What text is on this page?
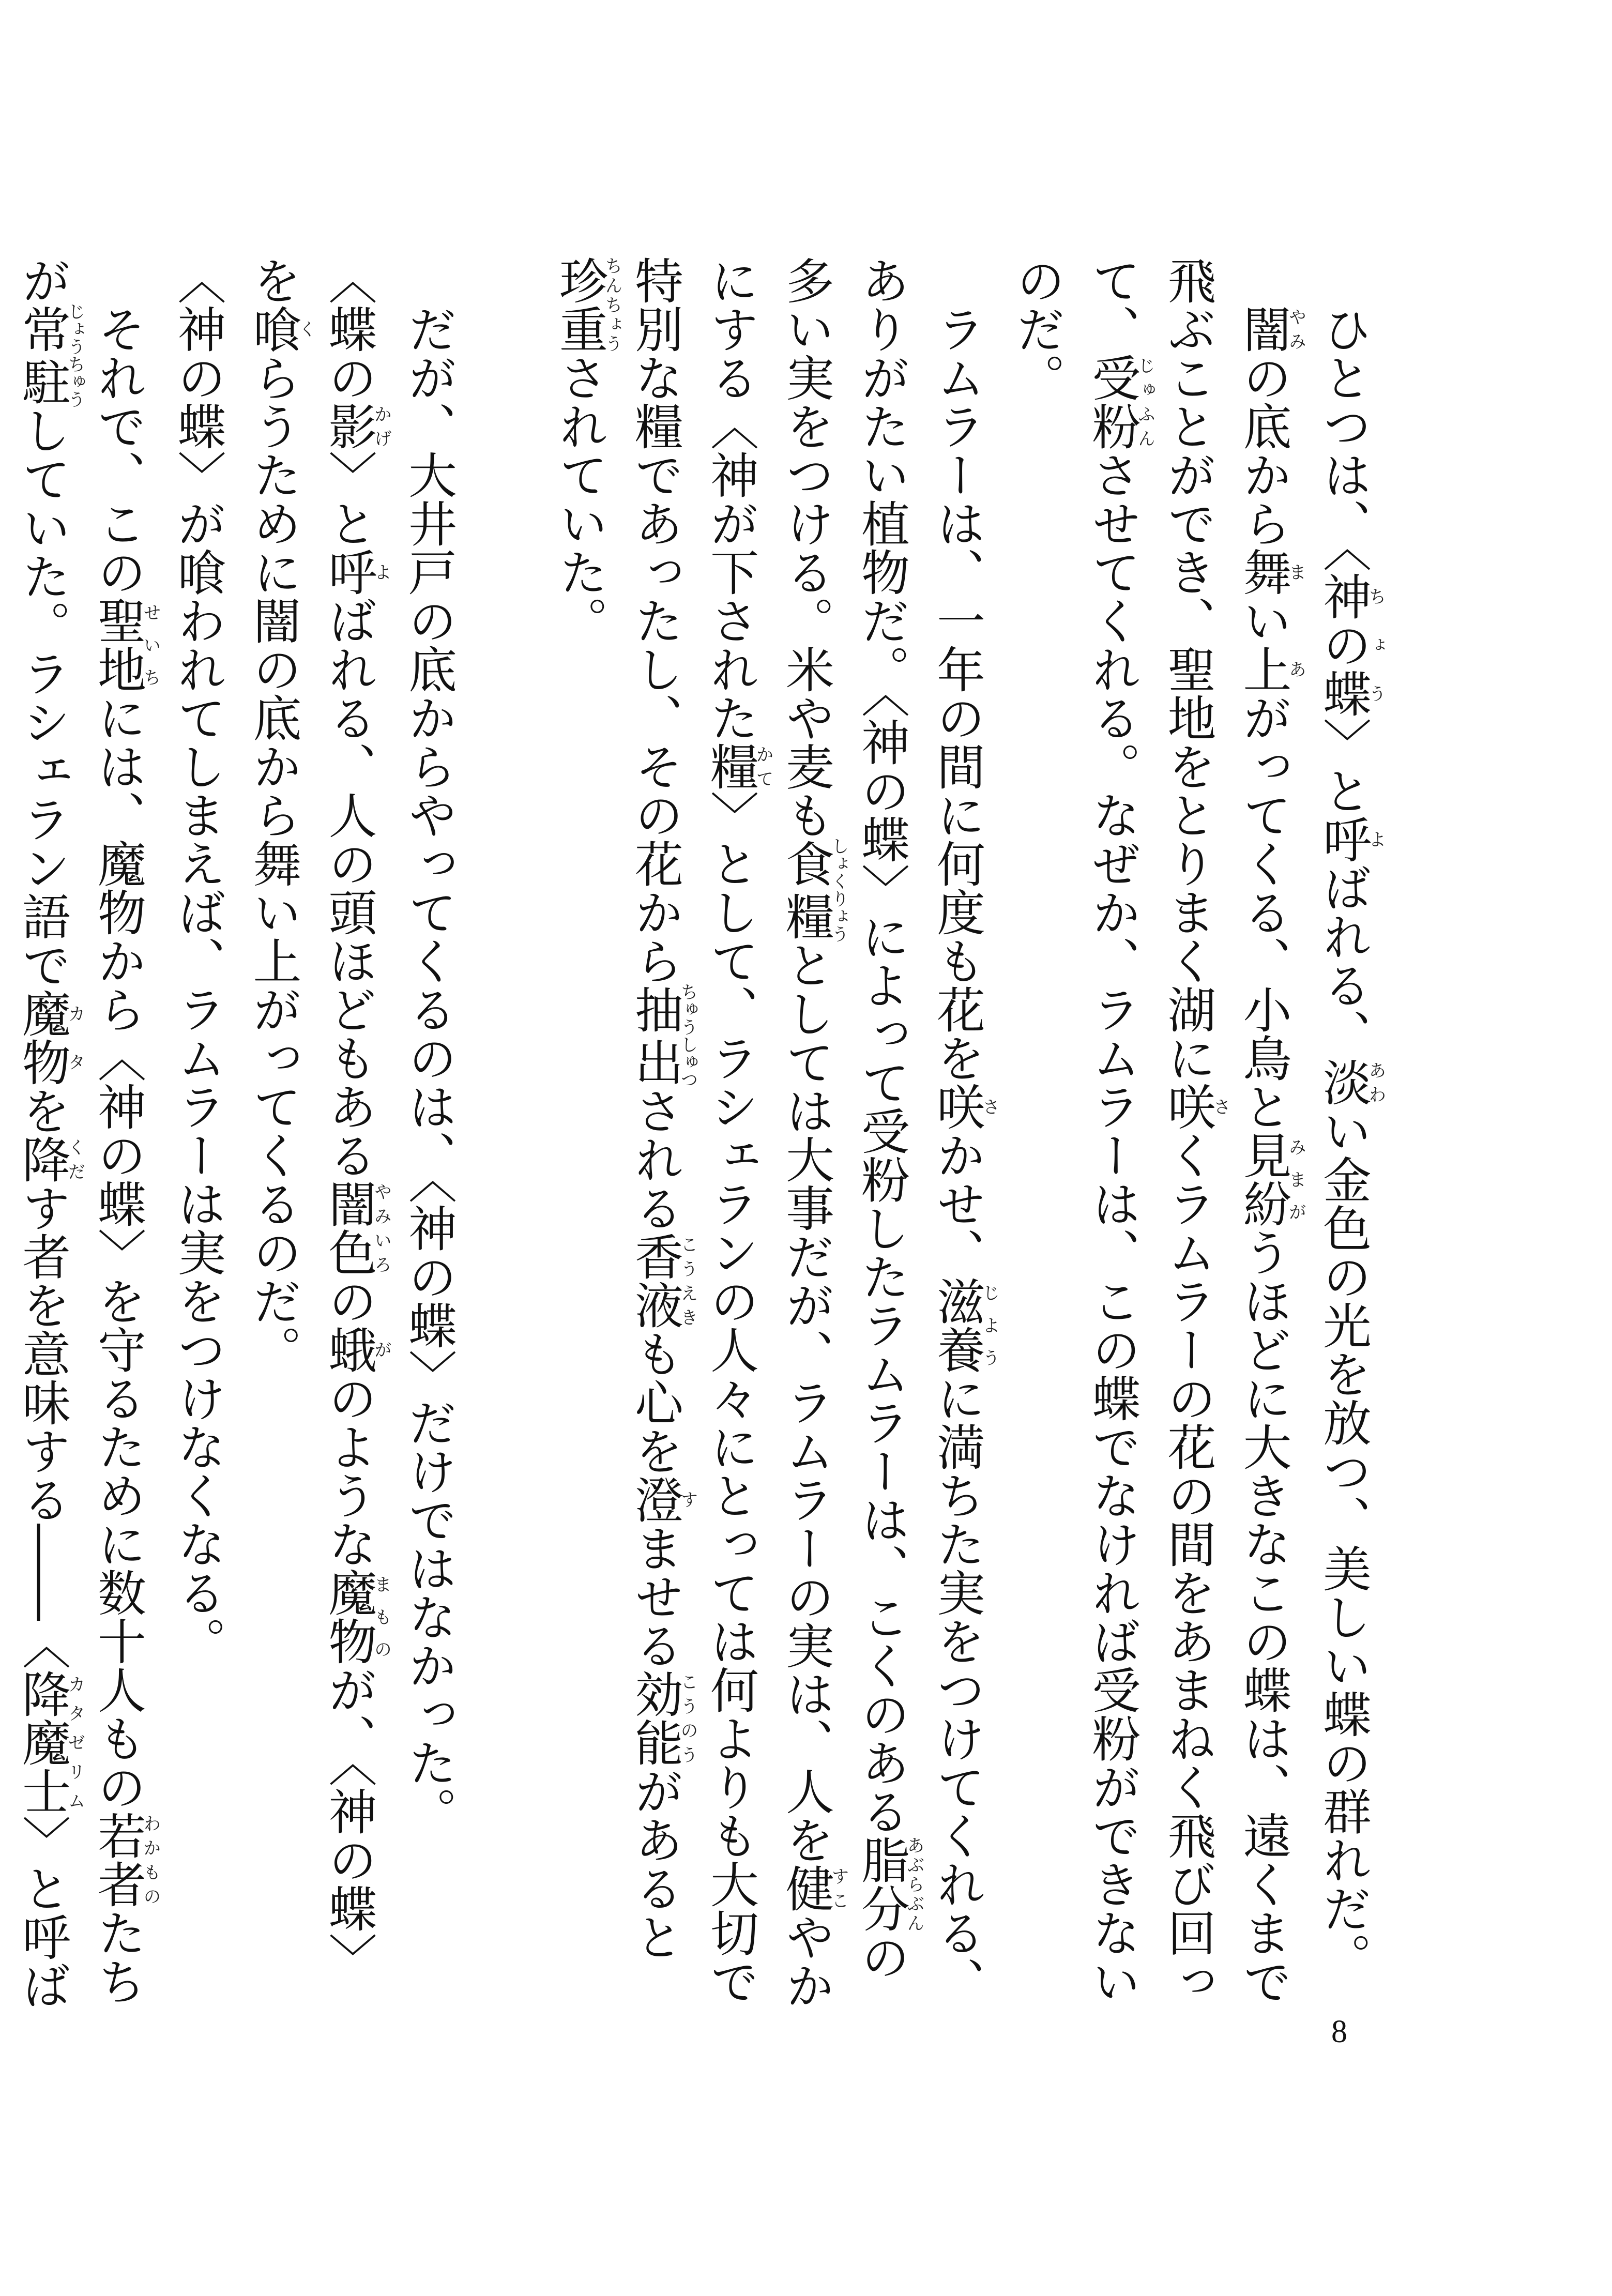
　ひとつは、〈神の蝶ちょう〉と呼よばれる、淡あわい金色の光を放つ、美しい蝶の群れだ。

　闇やみの底から舞まい上あがってくる、小鳥と見紛みまがうほどに大きなこの蝶は、遠くまで飛ぶことができ、聖地をとりまく湖に咲さくラムラーの花の間をあまねく飛び回って、受粉じゅふんさせてくれる。なぜか、ラムラーは、この蝶でなければ受粉ができないのだ。

　ラムラーは、一年の間に何度も花を咲さかせ、滋養じように満ちた実をつけてくれる、ありがたい植物だ。〈神の蝶〉によって受粉したラムラーは、こくのある脂分あぶらぶんの多い実をつける。米や麦も食糧しょくりょうとしては大事だが、ラムラーの実は、人を健すこやかにする〈神が下された糧かて〉として、ラシェランの人々にとっては何よりも大切で特別な糧であったし、その花から抽出ちゅうしゅつされる香液こうえきも心を澄すませる効能こうのうがあると珍重ちんちょうされていた。

　だが、大井戸の底からやってくるのは、〈神の蝶〉だけではなかった。

〈蝶の影かげ〉と呼よばれる、人の頭ほどもある闇色やみいろの蛾がのような魔物まものが、〈神の蝶〉を喰くらうために闇の底から舞い上がってくるのだ。

〈神の蝶〉が喰われてしまえば、ラムラーは実をつけなくなる。

　それで、この聖地せいちには、魔物から〈神の蝶〉を守るために数十人もの若者わかものたちが常駐じょうちゅうしていた。ラシェラン語で魔カ物タを降くだす者を意味する――〈降魔士カタゼリム〉と呼ば

8
